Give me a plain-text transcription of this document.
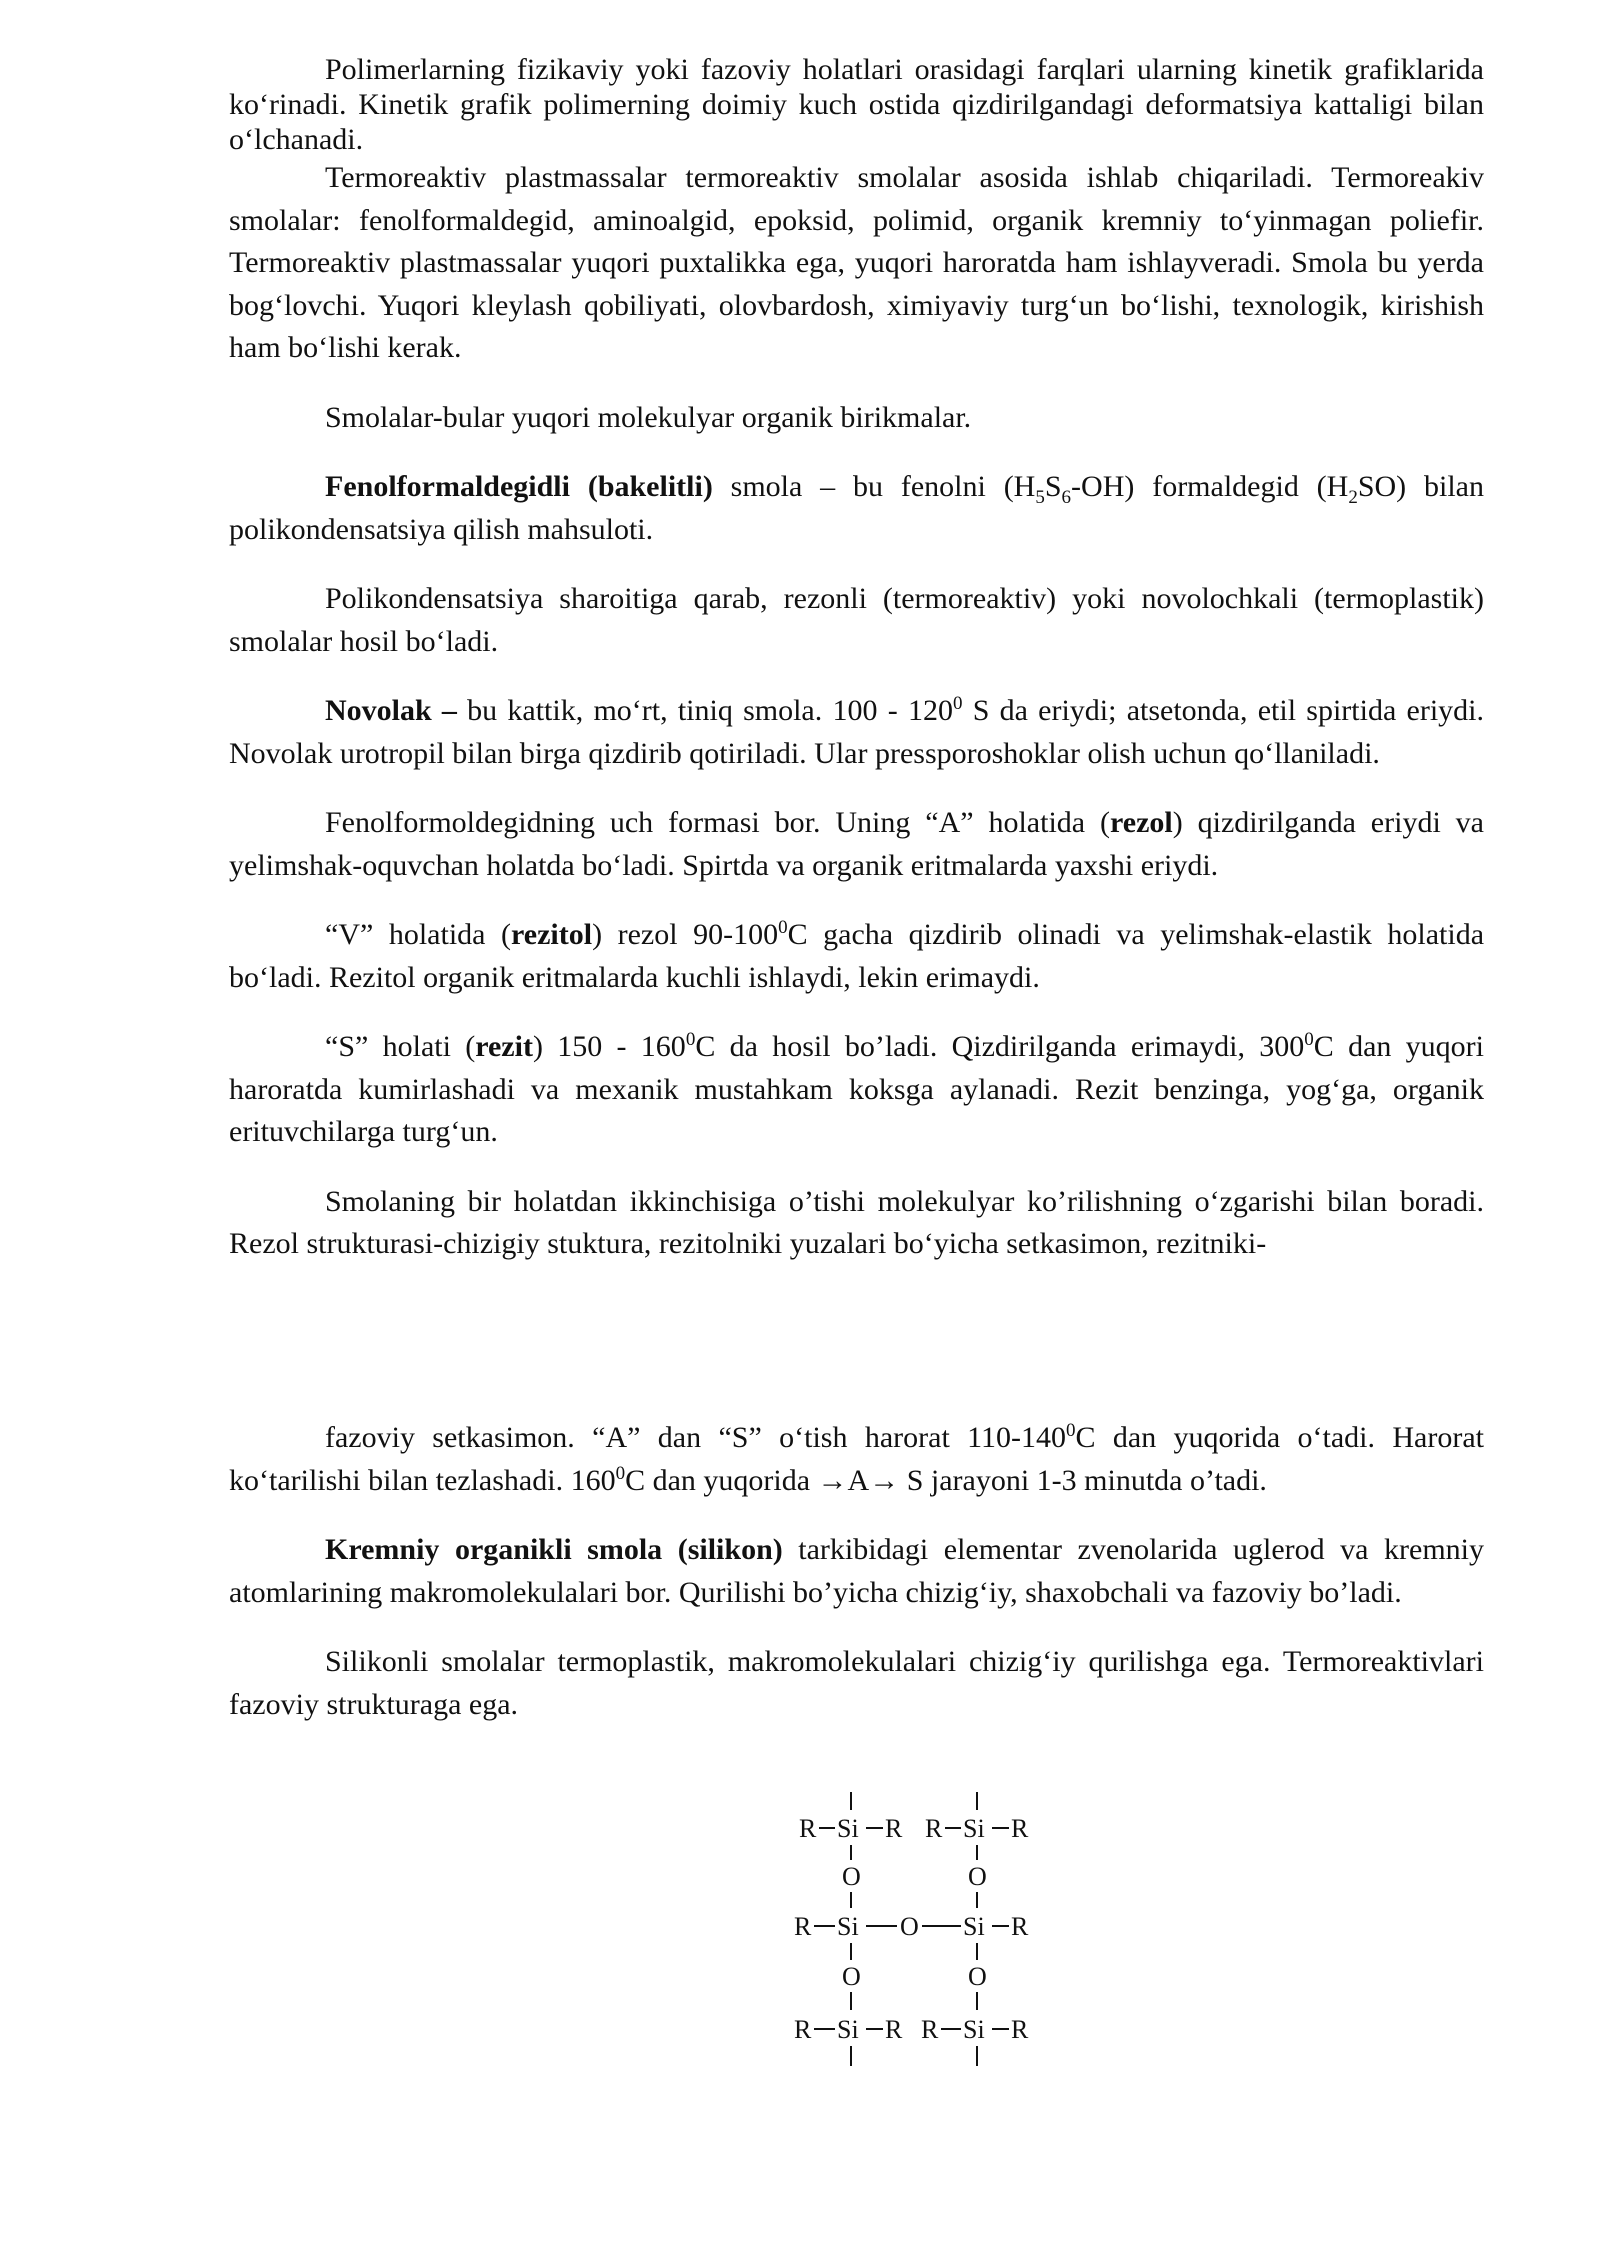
Polimerlarning fizikaviy yoki fazoviy holatlari orasidagi farqlari ularning kinetik grafiklarida ko‘rinadi. Kinetik grafik polimerning doimiy kuch ostida qizdirilgandagi deformatsiya kattaligi bilan o‘lchanadi.

Termoreaktiv plastmassalar termoreaktiv smolalar asosida ishlab chiqariladi. Termoreakiv smolalar: fenolformaldegid, aminoalgid, epoksid, polimid, organik kremniy to‘yinmagan poliefir. Termoreaktiv plastmassalar yuqori puxtalikka ega, yuqori haroratda ham ishlayveradi. Smola bu yerda bog‘lovchi. Yuqori kleylash qobiliyati, olovbardosh, ximiyaviy turg‘un bo‘lishi, texnologik, kirishish ham bo‘lishi kerak.

Smolalar-bular yuqori molekulyar organik birikmalar.

Fenolformaldegidli (bakelitli) smola – bu fenolni $(H_5S_6-OH)$ formaldegid $(H_2SO)$ bilan polikondensatsiya qilish mahsuloti.

Polikondensatsiya sharoitiga qarab, rezonli (termoreaktiv) yoki novolochkali (termoplastik) smolalar hosil bo‘ladi.

Novolak – bu kattik, mo‘rt, tiniq smola. $100 - 120^0$ S da eriydi; atsetonda, etil spirtida eriydi. Novolak urotropil bilan birga qizdirib qotiriladi. Ular pressporoshoklar olish uchun qo‘llaniladi.

Fenolformoldegidning uch formasi bor. Uning “A” holatida (rezol) qizdirilganda eriydi va yelimshak-oquvchan holatda bo‘ladi. Spirtda va organik eritmalarda yaxshi eriydi.

“V” holatida (rezitol) rezol $90-100^0C$ gacha qizdirib olinadi va yelimshak-elastik holatida bo‘ladi. Rezitol organik eritmalarda kuchli ishlaydi, lekin erimaydi.

“S” holati (rezit) $150 - 160^0C$ da hosil bo’ladi. Qizdirilganda erimaydi, $300^0C$ dan yuqori haroratda kumirlashadi va mexanik mustahkam koksga aylanadi. Rezit benzinga, yog‘ga, organik erituvchilarga turg‘un.

Smolaning bir holatdan ikkinchisiga o’tishi molekulyar ko’rilishning o‘zgarishi bilan boradi. Rezol strukturasi-chizigiy stuktura, rezitolniki yuzalari bo‘yicha setkasimon, rezitniki-

fazoviy setkasimon. “A” dan “S” o‘tish harorat $110-140^0C$ dan yuqorida o‘tadi. Harorat ko‘tarilishi bilan tezlashadi. $160^0C$ dan yuqorida →A→ S jarayoni 1-3 minutda o’tadi.

Kremniy organikli smola (silikon) tarkibidagi elementar zvenolarida uglerod va kremniy atomlarining makromolekulalari bor. Qurilishi bo’yicha chizig‘iy, shaxobchali va fazoviy bo’ladi.

Silikonli smolalar termoplastik, makromolekulalari chizig‘iy qurilishga ega. Termoreaktivlari fazoviy strukturaga ega.

R Si R R Si R
O	O
R Si O Si R
O	O
R Si R R Si R
